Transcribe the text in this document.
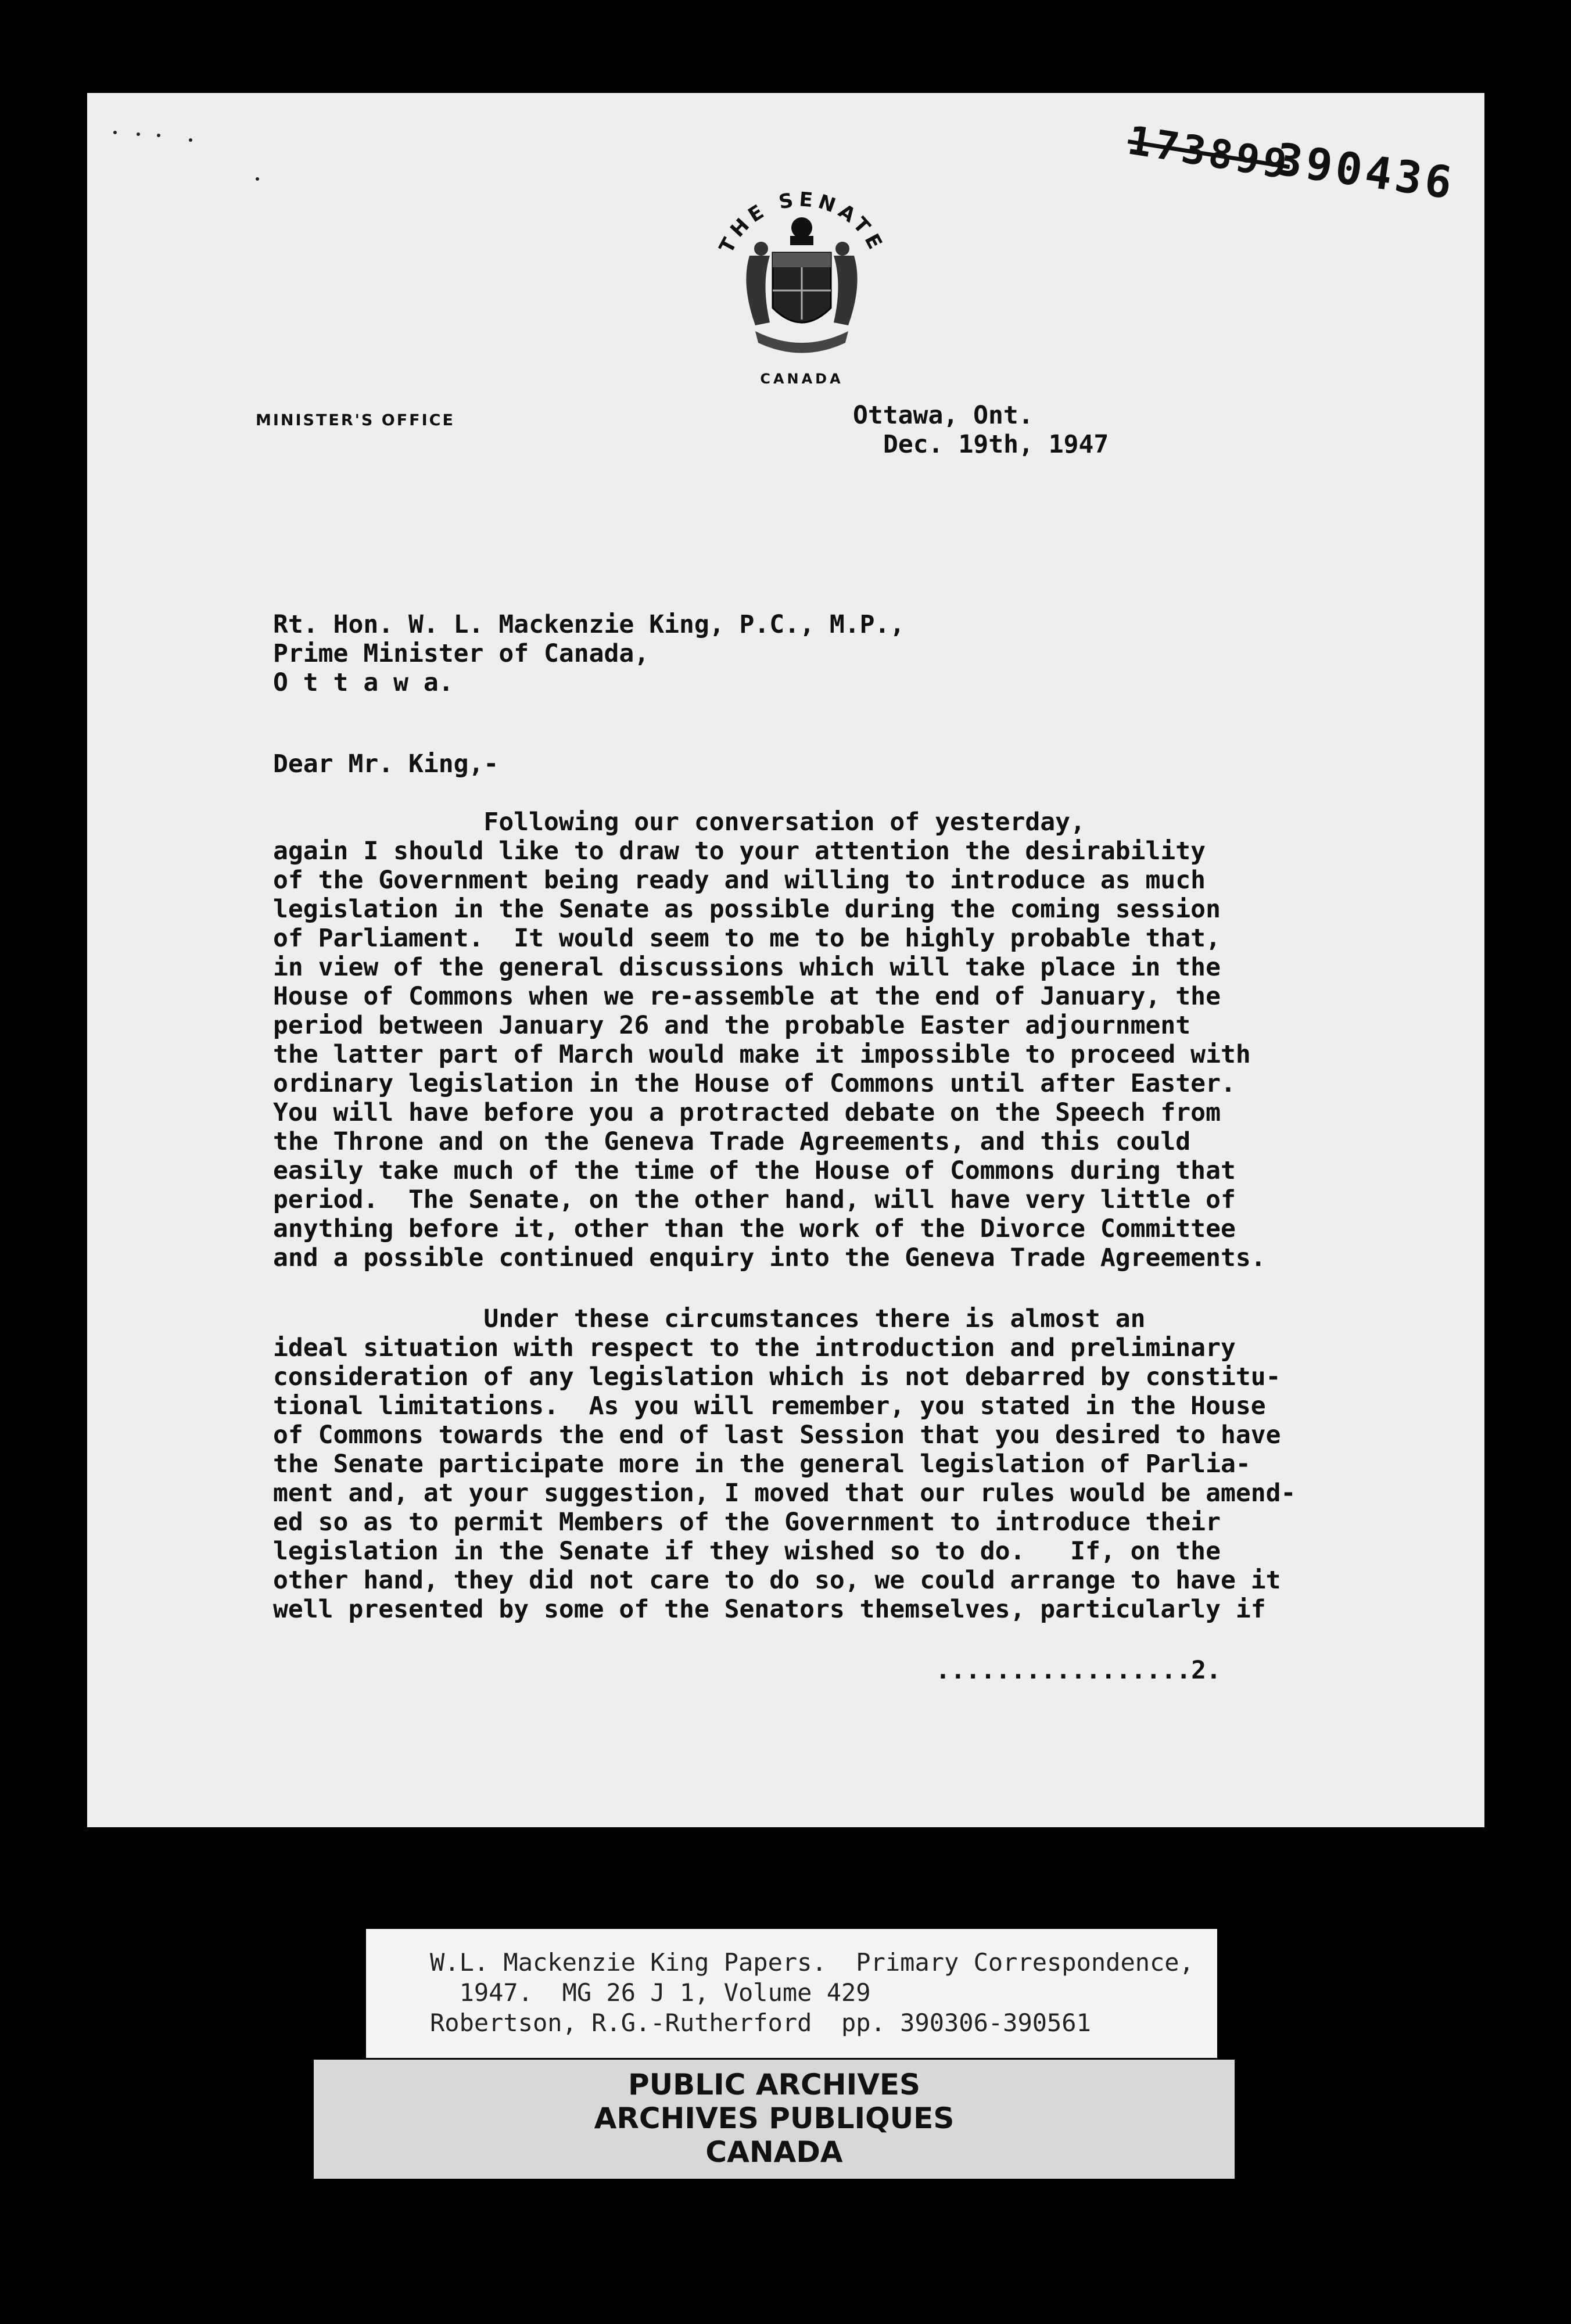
173899
390436
THE SENATE
CANADA
MINISTER'S OFFICE	Ottawa, Ont.
Dec. 19th, 1947
Rt. Hon. W. L. Mackenzie King, P.C., M.P.,
Prime Minister of Canada,
O t t a w a.
Dear Mr. King,-
Following our conversation of yesterday,
again I should like to draw to your attention the desirability
of the Government being ready and willing to introduce as much
legislation in the Senate as possible during the coming session
of Parliament.  It would seem to me to be highly probable that,
in view of the general discussions which will take place in the
House of Commons when we re-assemble at the end of January, the
period between January 26 and the probable Easter adjournment
the latter part of March would make it impossible to proceed with
ordinary legislation in the House of Commons until after Easter.
You will have before you a protracted debate on the Speech from
the Throne and on the Geneva Trade Agreements, and this could
easily take much of the time of the House of Commons during that
period.  The Senate, on the other hand, will have very little of
anything before it, other than the work of the Divorce Committee
and a possible continued enquiry into the Geneva Trade Agreements.
Under these circumstances there is almost an
ideal situation with respect to the introduction and preliminary
consideration of any legislation which is not debarred by constitu-
tional limitations.  As you will remember, you stated in the House
of Commons towards the end of last Session that you desired to have
the Senate participate more in the general legislation of Parlia-
ment and, at your suggestion, I moved that our rules would be amend-
ed so as to permit Members of the Government to introduce their
legislation in the Senate if they wished so to do.   If, on the
other hand, they did not care to do so, we could arrange to have it
well presented by some of the Senators themselves, particularly if
.................2.
W.L. Mackenzie King Papers.  Primary Correspondence,
1947.  MG 26 J 1, Volume 429
Robertson, R.G.-Rutherford  pp. 390306-390561
PUBLIC ARCHIVES
ARCHIVES PUBLIQUES
CANADA
